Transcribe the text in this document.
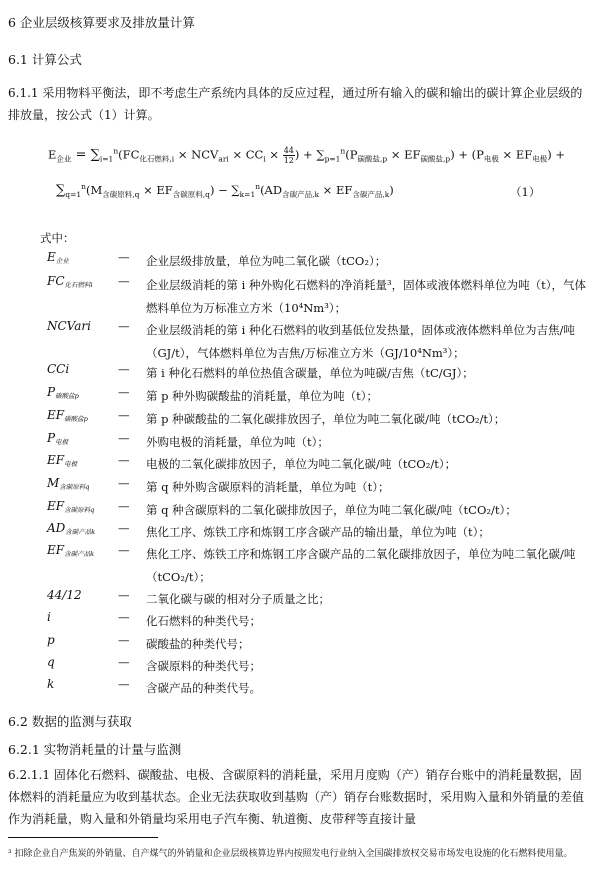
6 企业层级核算要求及排放量计算
6.1 计算公式
6.1.1 采用物料平衡法，即不考虑生产系统内具体的反应过程，通过所有输入的碳和输出的碳计算企业层级的排放量，按公式（1）计算。
$E_{企业} = \sum_{i=1}^n(FC_{化石燃料,i} \times NCV_{ari} \times CC_i \times \frac{44}{12}$ ) + $\sum_{p=1}^n(P_{碳酸盐,p} \times EF_{碳酸盐,p}) + (P_{电极} \times EF_{电极})$ +
$\sum_{q=1}^n(M_{含碳原料,q} \times EF_{含碳原料,q}) - \sum_{k=1}^n(AD_{含碳产品,k} \times EF_{含碳产品,k})$	（1）
式中：
E企业	— 企业层级排放量，单位为吨二氧化碳（tCO₂）；
FC化石燃料i — 企业层级消耗的第 i 种外购化石燃料的净消耗量³，固体或液体燃料单位为吨（t），气体燃料单位为万标准立方米（10⁴Nm³）；
NCVari — 企业层级消耗的第 i 种化石燃料的收到基低位发热量，固体或液体燃料单位为吉焦/吨（GJ/t），气体燃料单位为吉焦/万标准立方米（GJ/10⁴Nm³）；
CCi	— 第 i 种化石燃料的单位热值含碳量，单位为吨碳/吉焦（tC/GJ）；
P碳酸盐p	— 第 p 种外购碳酸盐的消耗量，单位为吨（t）；
EF碳酸盐p	— 第 p 种碳酸盐的二氧化碳排放因子，单位为吨二氧化碳/吨（tCO₂/t）；
P电极	— 外购电极的消耗量，单位为吨（t）；
EF电极	— 电极的二氧化碳排放因子，单位为吨二氧化碳/吨（tCO₂/t）；
M含碳原料q — 第 q 种外购含碳原料的消耗量，单位为吨（t）；
EF含碳原料q — 第 q 种含碳原料的二氧化碳排放因子，单位为吨二氧化碳/吨（tCO₂/t）；
AD含碳产品k — 焦化工序、炼铁工序和炼钢工序含碳产品的输出量，单位为吨（t）；
EF含碳产品k — 焦化工序、炼铁工序和炼钢工序含碳产品的二氧化碳排放因子，单位为吨二氧化碳/吨（tCO₂/t）；
44/12	— 二氧化碳与碳的相对分子质量之比；
i	— 化石燃料的种类代号；
p	— 碳酸盐的种类代号；
q	— 含碳原料的种类代号；
k	— 含碳产品的种类代号。
6.2 数据的监测与获取
6.2.1 实物消耗量的计量与监测
6.2.1.1 固体化石燃料、碳酸盐、电极、含碳原料的消耗量，采用月度购（产）销存台账中的消耗量数据，固体燃料的消耗量应为收到基状态。企业无法获取收到基购（产）销存台账数据时，采用购入量和外销量的差值作为消耗量，购入量和外销量均采用电子汽车衡、轨道衡、皮带秤等直接计量
³ 扣除企业自产焦炭的外销量、自产煤气的外销量和企业层级核算边界内按照发电行业纳入全国碳排放权交易市场发电设施的化石燃料使用量。
